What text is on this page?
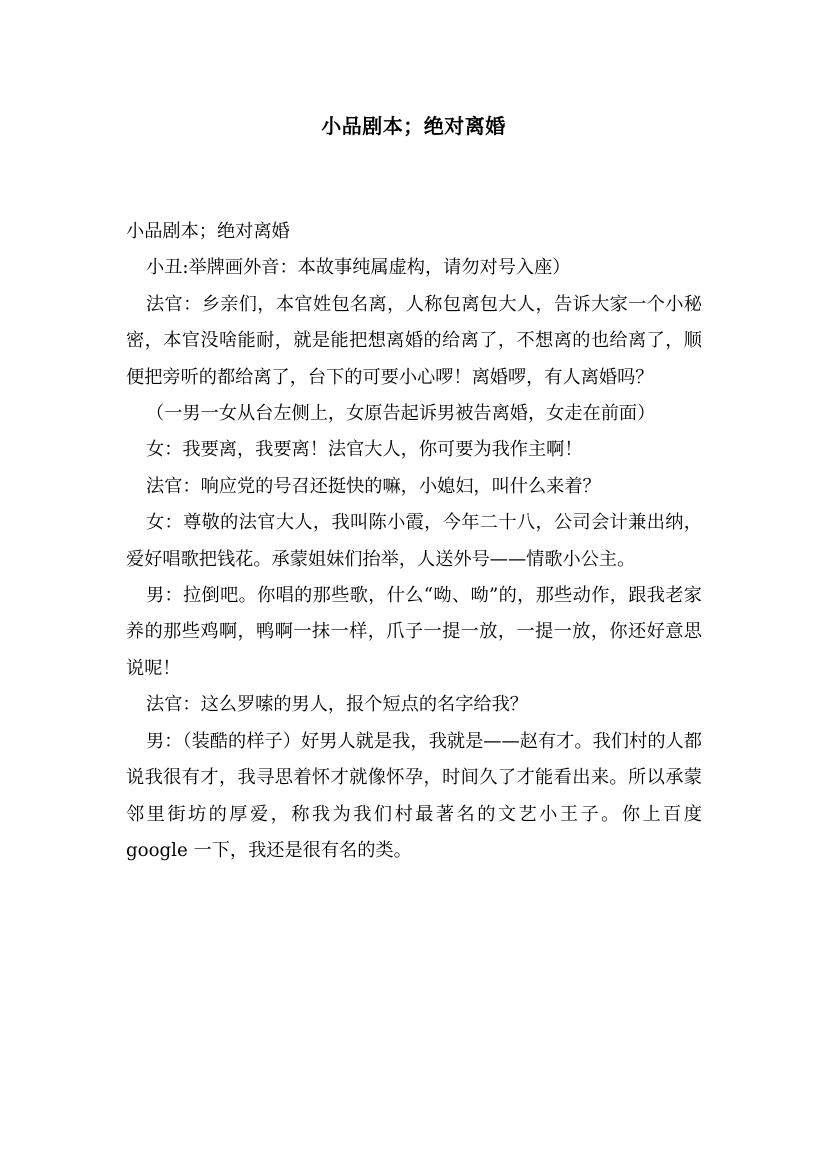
小品剧本；绝对离婚

小品剧本；绝对离婚

小丑:举牌画外音：本故事纯属虚构，请勿对号入座）

法官：乡亲们，本官姓包名离，人称包离包大人，告诉大家一个小秘密，本官没啥能耐，就是能把想离婚的给离了，不想离的也给离了，顺便把旁听的都给离了，台下的可要小心啰！离婚啰，有人离婚吗？

（一男一女从台左侧上，女原告起诉男被告离婚，女走在前面）

女：我要离，我要离！法官大人，你可要为我作主啊！

法官：响应党的号召还挺快的嘛，小媳妇，叫什么来着？

女：尊敬的法官大人，我叫陈小霞，今年二十八，公司会计兼出纳，爱好唱歌把钱花。承蒙姐妹们抬举，人送外号——情歌小公主。

男：拉倒吧。你唱的那些歌，什么“呦、呦”的，那些动作，跟我老家养的那些鸡啊，鸭啊一抹一样，爪子一提一放，一提一放，你还好意思说呢！

法官：这么罗嗦的男人，报个短点的名字给我？

男：（装酷的样子）好男人就是我，我就是——赵有才。我们村的人都说我很有才，我寻思着怀才就像怀孕，时间久了才能看出来。所以承蒙邻里街坊的厚爱，称我为我们村最著名的文艺小王子。你上百度 google 一下，我还是很有名的类。
